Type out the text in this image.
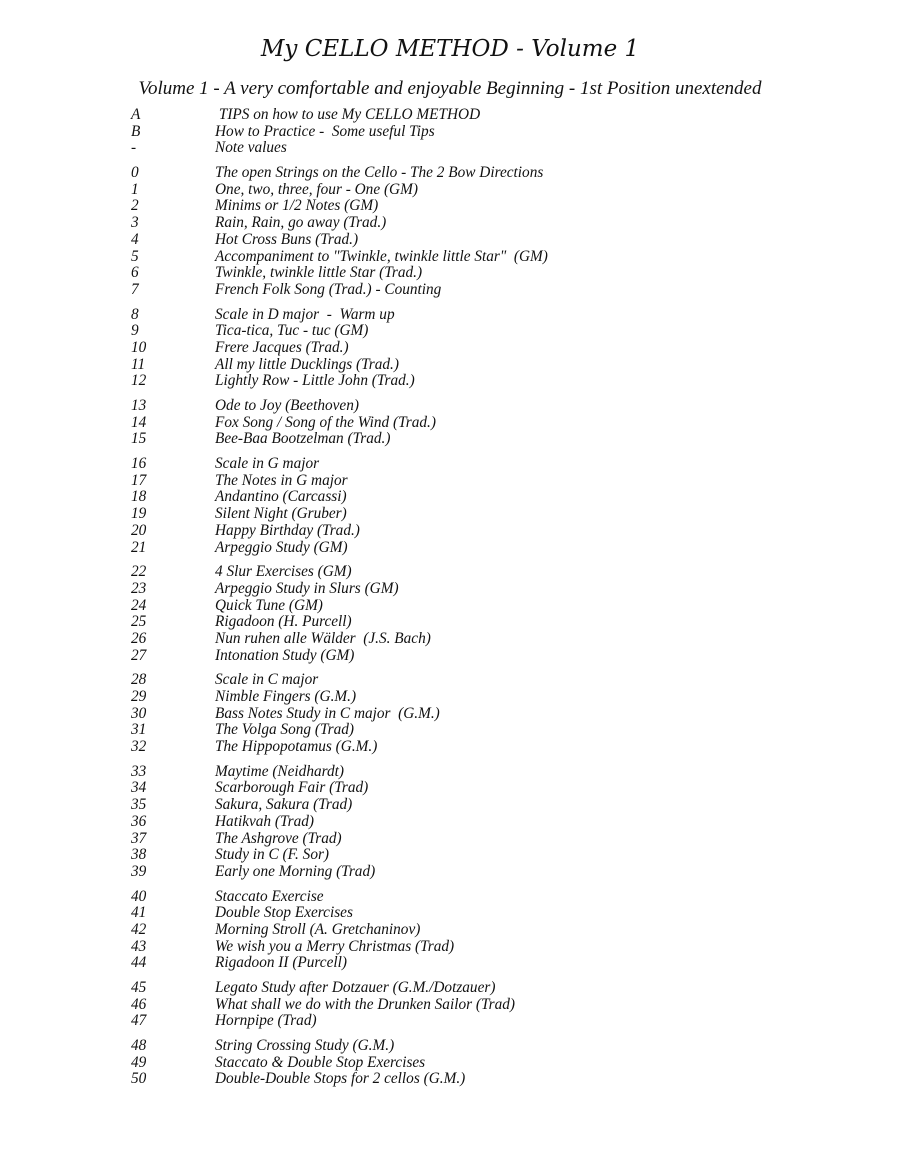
My CELLO METHOD - Volume 1
Volume 1 - A very comfortable and enjoyable Beginning - 1st Position unextended
A	TIPS on how to use My CELLO METHOD
B	How to Practice -  Some useful Tips
-	Note values
0	The open Strings on the Cello - The 2 Bow Directions
1	One, two, three, four - One (GM)
2	Minims or 1/2 Notes (GM)
3	Rain, Rain, go away (Trad.)
4	Hot Cross Buns (Trad.)
5	Accompaniment to "Twinkle, twinkle little Star"  (GM)
6	Twinkle, twinkle little Star (Trad.)
7	French Folk Song (Trad.) - Counting
8	Scale in D major  -  Warm up
9	Tica-tica, Tuc - tuc (GM)
10	Frere Jacques (Trad.)
11	All my little Ducklings (Trad.)
12	Lightly Row - Little John (Trad.)
13	Ode to Joy (Beethoven)
14	Fox Song / Song of the Wind (Trad.)
15	Bee-Baa Bootzelman (Trad.)
16	Scale in G major
17	The Notes in G major
18	Andantino (Carcassi)
19	Silent Night (Gruber)
20	Happy Birthday (Trad.)
21	Arpeggio Study (GM)
22	4 Slur Exercises (GM)
23	Arpeggio Study in Slurs (GM)
24	Quick Tune (GM)
25	Rigadoon (H. Purcell)
26	Nun ruhen alle Wälder  (J.S. Bach)
27	Intonation Study (GM)
28	Scale in C major
29	Nimble Fingers (G.M.)
30	Bass Notes Study in C major  (G.M.)
31	The Volga Song (Trad)
32	The Hippopotamus (G.M.)
33	Maytime (Neidhardt)
34	Scarborough Fair (Trad)
35	Sakura, Sakura (Trad)
36	Hatikvah (Trad)
37	The Ashgrove (Trad)
38	Study in C (F. Sor)
39	Early one Morning (Trad)
40	Staccato Exercise
41	Double Stop Exercises
42	Morning Stroll (A. Gretchaninov)
43	We wish you a Merry Christmas (Trad)
44	Rigadoon II (Purcell)
45	Legato Study after Dotzauer (G.M./Dotzauer)
46	What shall we do with the Drunken Sailor (Trad)
47	Hornpipe (Trad)
48	String Crossing Study (G.M.)
49	Staccato & Double Stop Exercises
50	Double-Double Stops for 2 cellos (G.M.)
